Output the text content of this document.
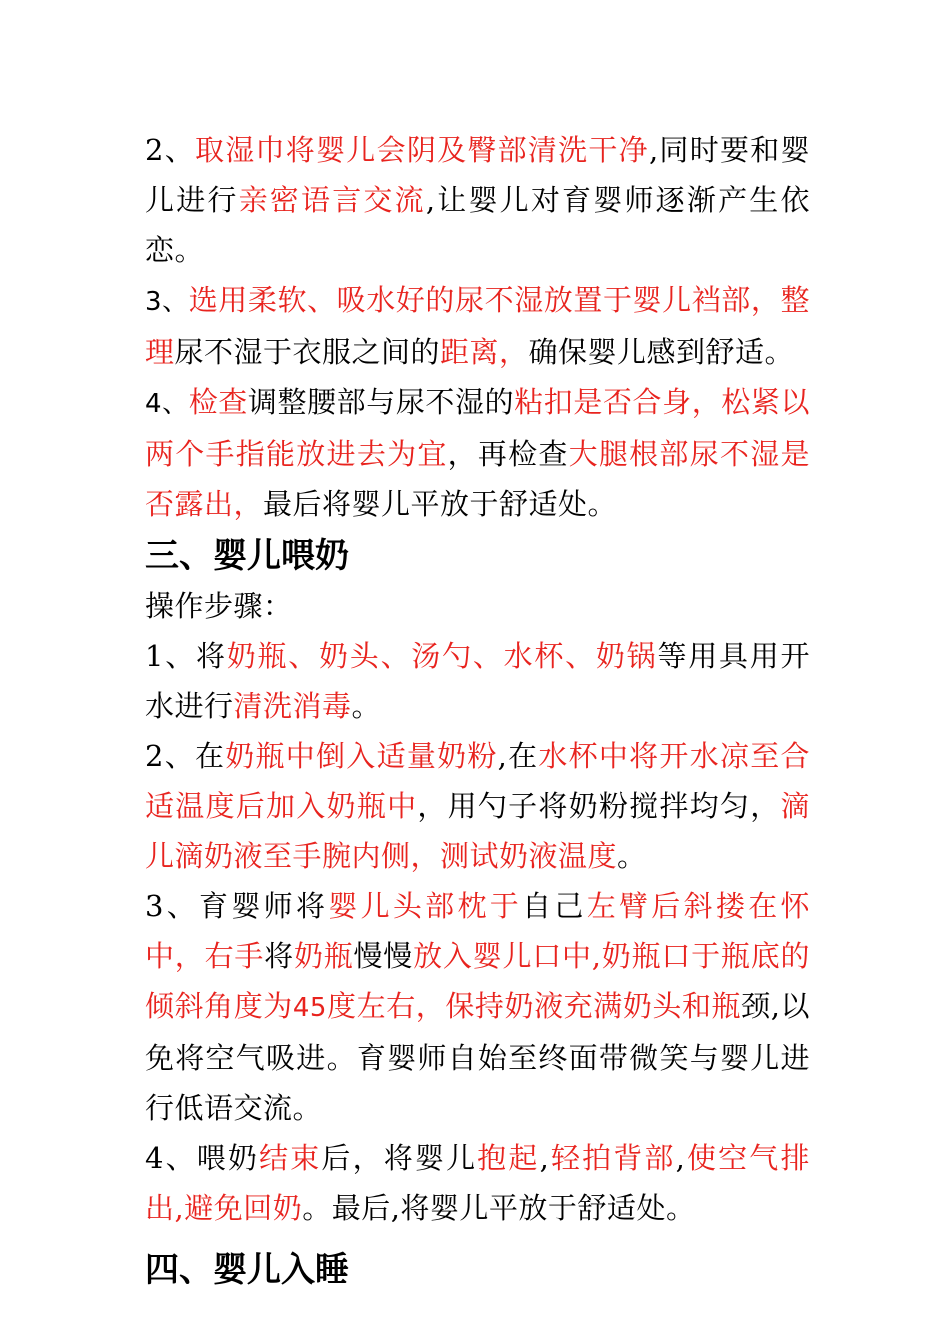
2、取湿巾将婴儿会阴及臀部清洗干净,同时要和婴儿进行亲密语言交流,让婴儿对育婴师逐渐产生依恋。

3、选用柔软、吸水好的尿不湿放置于婴儿裆部，整理尿不湿于衣服之间的距离，确保婴儿感到舒适。

4、检查调整腰部与尿不湿的粘扣是否合身，松紧以两个手指能放进去为宜，再检查大腿根部尿不湿是否露出，最后将婴儿平放于舒适处。

三、婴儿喂奶

操作步骤：

1、将奶瓶、奶头、汤勺、水杯、奶锅等用具用开水进行清洗消毒。

2、在奶瓶中倒入适量奶粉,在水杯中将开水凉至合适温度后加入奶瓶中，用勺子将奶粉搅拌均匀，滴儿滴奶液至手腕内侧，测试奶液温度。

3、育婴师将婴儿头部枕于自己左臂后斜搂在怀中，右手将奶瓶慢慢放入婴儿口中,奶瓶口于瓶底的倾斜角度为45度左右，保持奶液充满奶头和瓶颈,以免将空气吸进。育婴师自始至终面带微笑与婴儿进行低语交流。

4、喂奶结束后，将婴儿抱起,轻拍背部,使空气排出,避免回奶。最后,将婴儿平放于舒适处。

四、婴儿入睡
